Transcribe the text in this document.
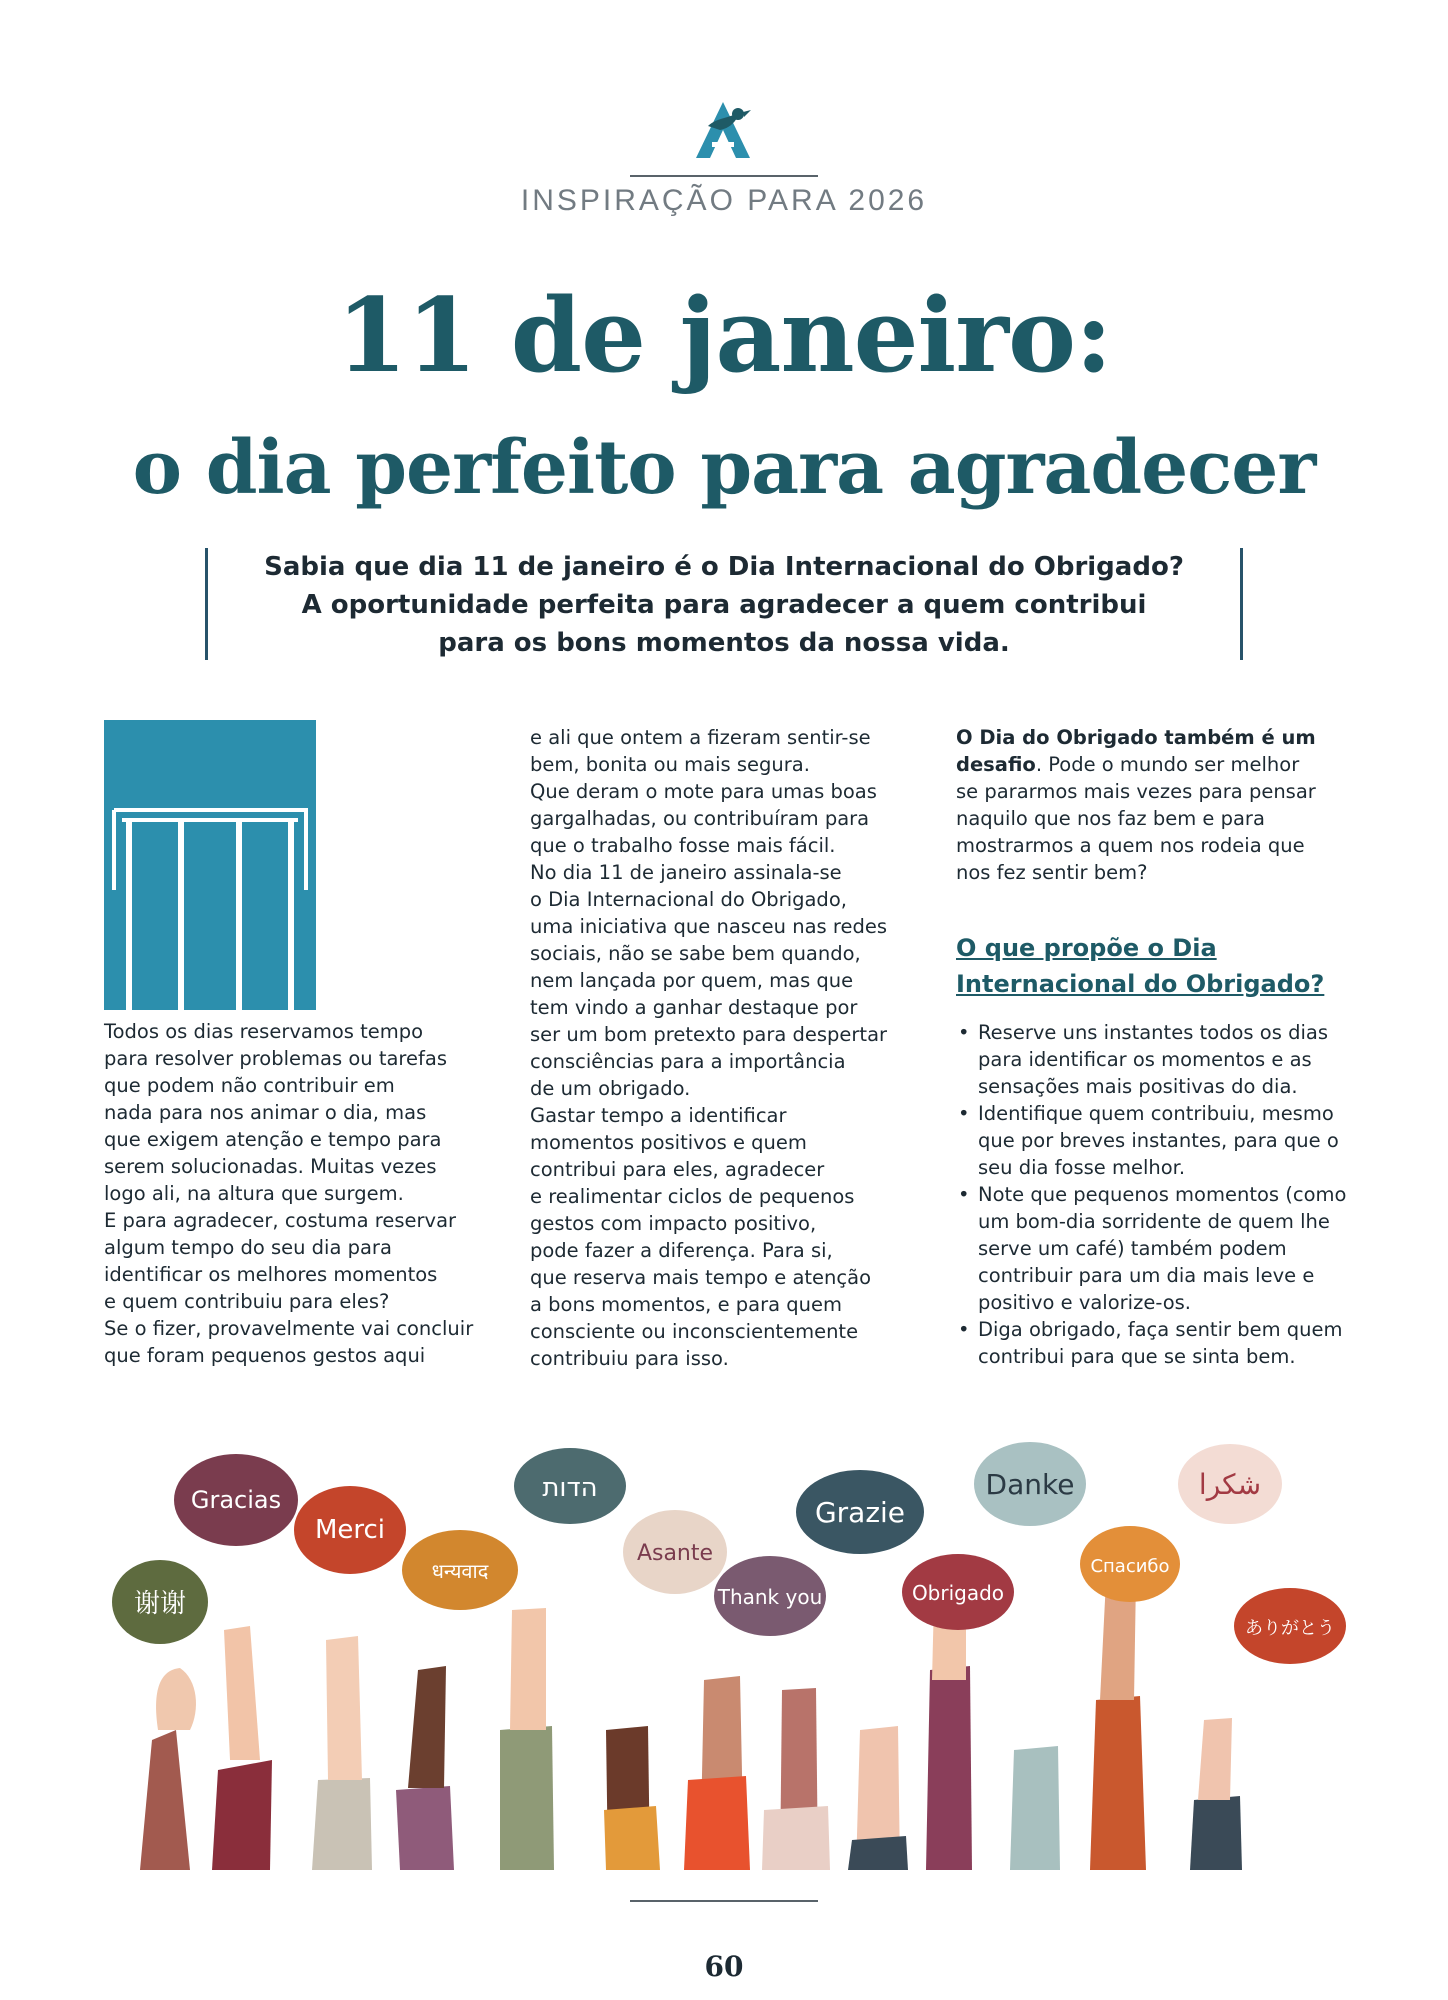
INSPIRAÇÃO PARA 2026
11 de janeiro:
o dia perfeito para agradecer
Sabia que dia 11 de janeiro é o Dia Internacional do Obrigado?
A oportunidade perfeita para agradecer a quem contribui
para os bons momentos da nossa vida.
T

Todos os dias reservamos tempo

para resolver problemas ou tarefas

que podem não contribuir em

nada para nos animar o dia, mas

que exigem atenção e tempo para

serem solucionadas. Muitas vezes

logo ali, na altura que surgem.

E para agradecer, costuma reservar

algum tempo do seu dia para

identificar os melhores momentos

e quem contribuiu para eles?

Se o fizer, provavelmente vai concluir

que foram pequenos gestos aqui

e ali que ontem a fizeram sentir-se

bem, bonita ou mais segura.

Que deram o mote para umas boas

gargalhadas, ou contribuíram para

que o trabalho fosse mais fácil.

No dia 11 de janeiro assinala-se

o Dia Internacional do Obrigado,

uma iniciativa que nasceu nas redes

sociais, não se sabe bem quando,

nem lançada por quem, mas que

tem vindo a ganhar destaque por

ser um bom pretexto para despertar

consciências para a importância

de um obrigado.

Gastar tempo a identificar

momentos positivos e quem

contribui para eles, agradecer

e realimentar ciclos de pequenos

gestos com impacto positivo,

pode fazer a diferença. Para si,

que reserva mais tempo e atenção

a bons momentos, e para quem

consciente ou inconscientemente

contribuiu para isso.

O Dia do Obrigado também é um

desafio. Pode o mundo ser melhor

se pararmos mais vezes para pensar

naquilo que nos faz bem e para

mostrarmos a quem nos rodeia que

nos fez sentir bem?

O que propõe o Dia
Internacional do Obrigado?
• Reserve uns instantes todos os dias para identificar os momentos e as sensações mais positivas do dia.
• Identifique quem contribuiu, mesmo que por breves instantes, para que o seu dia fosse melhor.
• Note que pequenos momentos (como um bom-dia sorridente de quem lhe serve um café) também podem contribuir para um dia mais leve e positivo e valorize-os.
• Diga obrigado, faça sentir bem quem contribui para que se sinta bem.
谢谢
Gracias
Merci
धन्यवाद
הדות
Asante
Thank you
Grazie
Obrigado
Danke
Спасибо
شكرا
ありがとう
60
